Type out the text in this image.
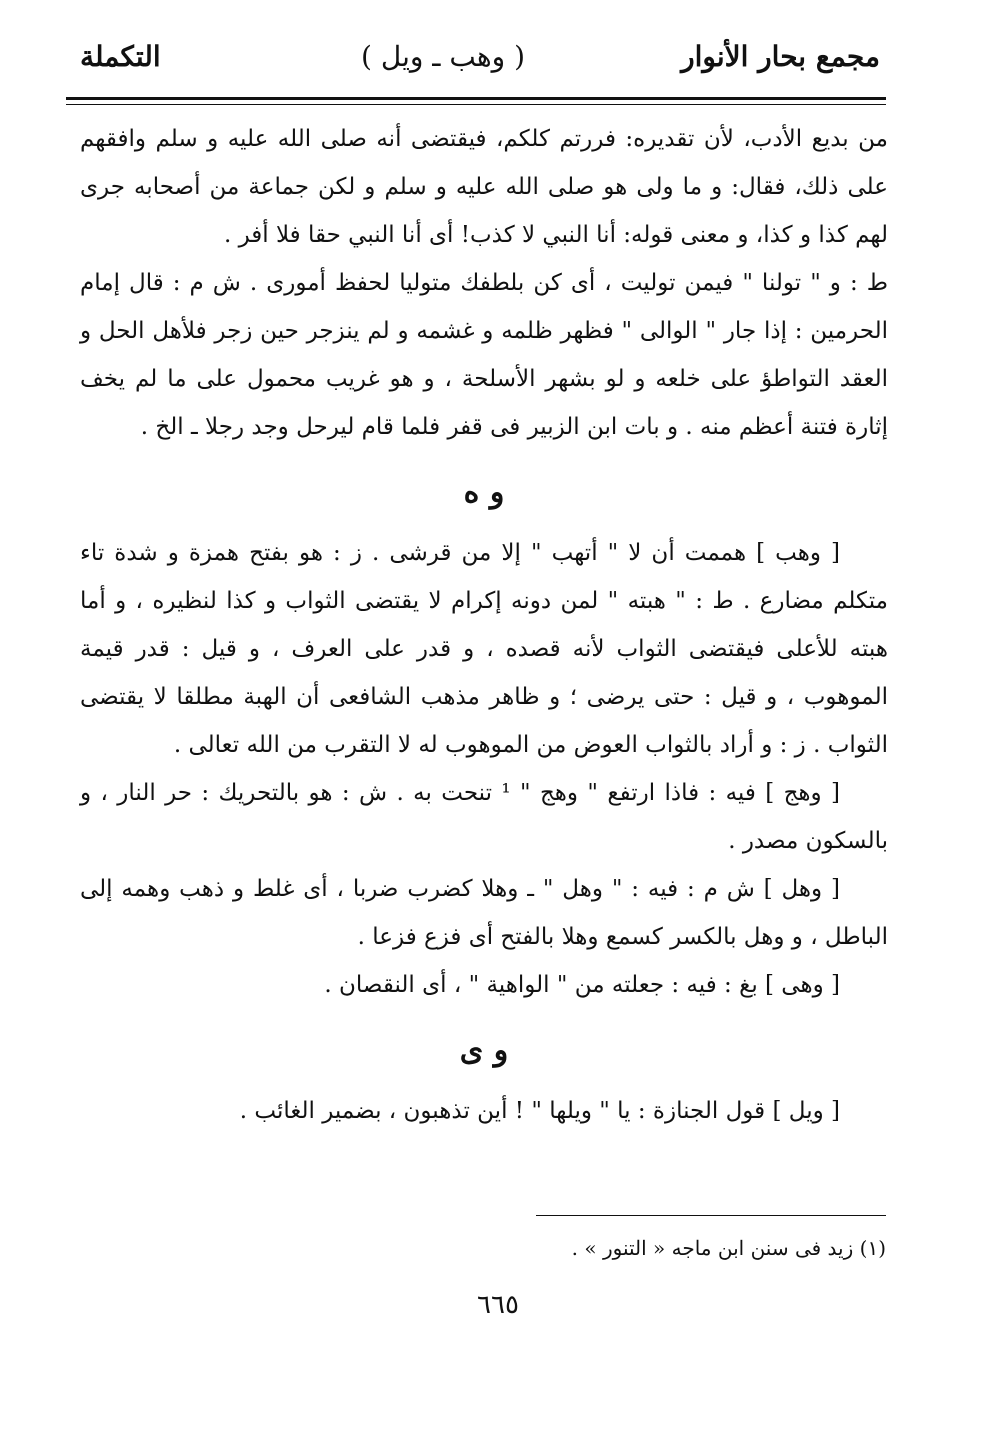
مجمع بحار الأنوار
( وهب ـ ويل )
التكملة

من بديع الأدب، لأن تقديره: فررتم كلكم، فيقتضى أنه صلى الله عليه و سلم وافقهم على ذلك، فقال: و ما ولى هو صلى الله عليه و سلم و لكن جماعة من أصحابه جرى لهم كذا و كذا، و معنى قوله: أنا النبي لا كذب! أى أنا النبي حقا فلا أفر .

ط : و " تولنا " فيمن توليت ، أى كن بلطفك متوليا لحفظ أمورى . ش م : قال إمام الحرمين : إذا جار " الوالى " فظهر ظلمه و غشمه و لم ينزجر حين زجر فلأهل الحل و العقد التواطؤ على خلعه و لو بشهر الأسلحة ، و هو غريب محمول على ما لم يخف إثارة فتنة أعظم منه . و بات ابن الزبير فى قفر فلما قام ليرحل وجد رجلا ـ الخ .

و ه

[ وهب ] هممت أن لا " أتهب " إلا من قرشى . ز : هو بفتح همزة و شدة تاء متكلم مضارع . ط : " هبته " لمن دونه إكرام لا يقتضى الثواب و كذا لنظيره ، و أما هبته للأعلى فيقتضى الثواب لأنه قصده ، و قدر على العرف ، و قيل : قدر قيمة الموهوب ، و قيل : حتى يرضى ؛ و ظاهر مذهب الشافعى أن الهبة مطلقا لا يقتضى الثواب . ز : و أراد بالثواب العوض من الموهوب له لا التقرب من الله تعالى .

[ وهج ] فيه : فاذا ارتفع " وهج " ¹ تنحت به . ش : هو بالتحريك : حر النار ، و بالسكون مصدر .

[ وهل ] ش م : فيه : " وهل " ـ وهلا كضرب ضربا ، أى غلط و ذهب وهمه إلى الباطل ، و وهل بالكسر كسمع وهلا بالفتح أى فزع فزعا .

[ وهى ] بغ : فيه : جعلته من " الواهية " ، أى النقصان .

و ى

[ ويل ] قول الجنازة : يا " ويلها " ! أين تذهبون ، بضمير الغائب .

(١) زيد فى سنن ابن ماجه « التنور » .
٦٦٥
